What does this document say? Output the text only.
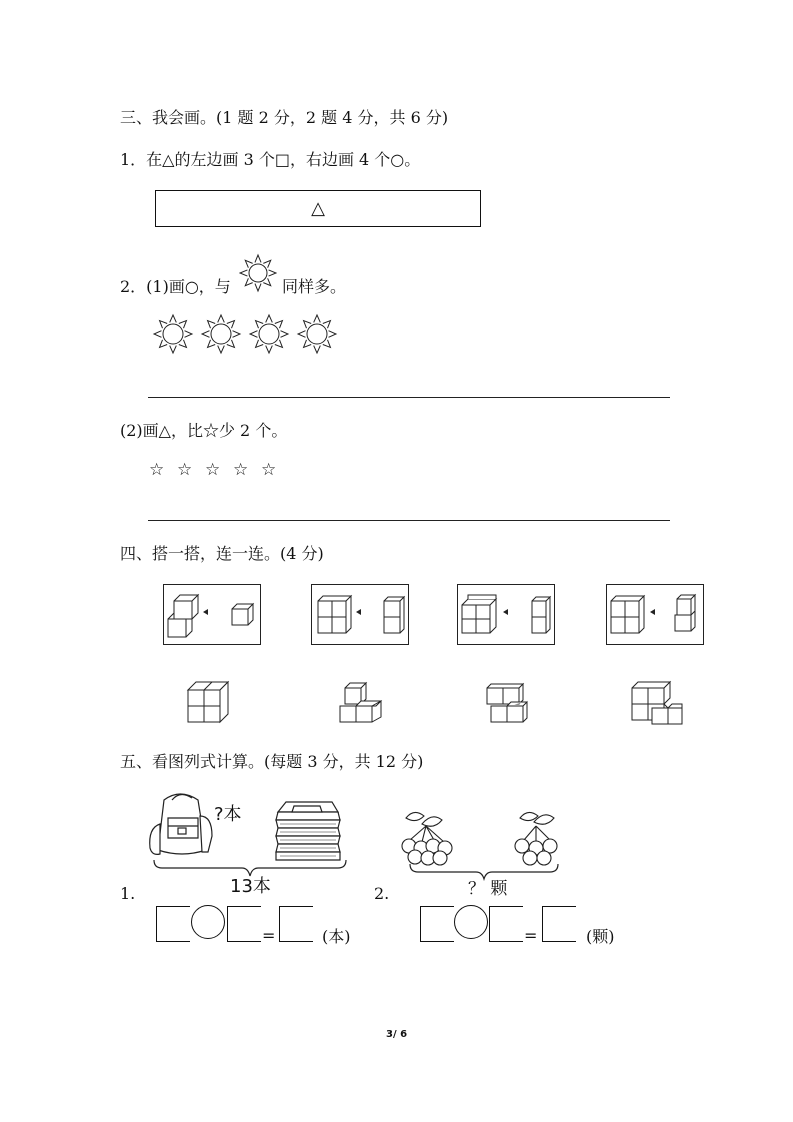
三、我会画。(1 题 2 分，2 题 4 分，共 6 分)
1．在△的左边画 3 个□，右边画 4 个○。
△
2．(1)画○，与	同样多。
(2)画△，比☆少 2 个。
☆ ☆ ☆ ☆ ☆
四、搭一搭，连一连。(4 分)
五、看图列式计算。(每题 3 分，共 12 分)
?本
13本
1.
=	(本)
？ 颗
2.
=	(颗)
3/ 6
